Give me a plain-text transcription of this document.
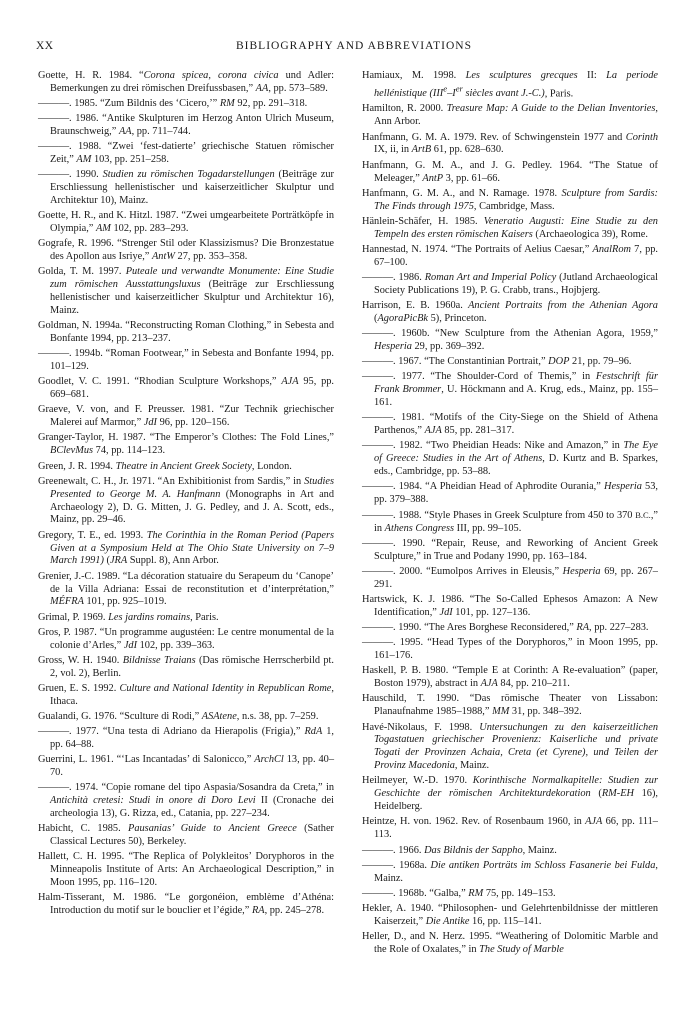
XX	BIBLIOGRAPHY AND ABBREVIATIONS

Goette, H. R. 1984. “Corona spicea, corona civica und Adler: Bemerkungen zu drei römischen Dreifussbasen,” AA, pp. 573–589.

———. 1985. “Zum Bildnis des ‘Cicero,’” RM 92, pp. 291–318.

———. 1986. “Antike Skulpturen im Herzog Anton Ulrich Museum, Braunschweig,” AA, pp. 711–744.

———. 1988. “Zwei ‘fest-datierte’ griechische Statuen römischer Zeit,” AM 103, pp. 251–258.

———. 1990. Studien zu römischen Togadarstellungen (Beiträge zur Erschliessung hellenistischer und kaiserzeitlicher Skulptur und Architektur 10), Mainz.

Goette, H. R., and K. Hitzl. 1987. “Zwei umgearbeitete Porträtköpfe in Olympia,” AM 102, pp. 283–293.

Gografe, R. 1996. “Strenger Stil oder Klassizismus? Die Bronzestatue des Apollon aus Isriye,” AntW 27, pp. 353–358.

Golda, T. M. 1997. Puteale und verwandte Monumente: Eine Studie zum römischen Ausstattungsluxus (Beiträge zur Erschliessung hellenistischer und kaiserzeitlicher Skulptur und Architektur 16), Mainz.

Goldman, N. 1994a. “Reconstructing Roman Clothing,” in Sebesta and Bonfante 1994, pp. 213–237.

———. 1994b. “Roman Footwear,” in Sebesta and Bonfante 1994, pp. 101–129.

Goodlet, V. C. 1991. “Rhodian Sculpture Workshops,” AJA 95, pp. 669–681.

Graeve, V. von, and F. Preusser. 1981. “Zur Technik griechischer Malerei auf Marmor,” JdI 96, pp. 120–156.

Granger-Taylor, H. 1987. “The Emperor’s Clothes: The Fold Lines,” BClevMus 74, pp. 114–123.

Green, J. R. 1994. Theatre in Ancient Greek Society, London.

Greenewalt, C. H., Jr. 1971. “An Exhibitionist from Sardis,” in Studies Presented to George M. A. Hanfmann (Monographs in Art and Archaeology 2), D. G. Mitten, J. G. Pedley, and J. A. Scott, eds., Mainz, pp. 29–46.

Gregory, T. E., ed. 1993. The Corinthia in the Roman Period (Papers Given at a Symposium Held at The Ohio State University on 7–9 March 1991) (JRA Suppl. 8), Ann Arbor.

Grenier, J.-C. 1989. “La décoration statuaire du Serapeum du ‘Canope’ de la Villa Adriana: Essai de reconstitution et d’interprétation,” MÉFRA 101, pp. 925–1019.

Grimal, P. 1969. Les jardins romains, Paris.

Gros, P. 1987. “Un programme augustéen: Le centre monumental de la colonie d’Arles,” JdI 102, pp. 339–363.

Gross, W. H. 1940. Bildnisse Traians (Das römische Herrscherbild pt. 2, vol. 2), Berlin.

Gruen, E. S. 1992. Culture and National Identity in Republican Rome, Ithaca.

Gualandi, G. 1976. “Sculture di Rodi,” ASAtene, n.s. 38, pp. 7–259.

———. 1977. “Una testa di Adriano da Hierapolis (Frigia),” RdA 1, pp. 64–88.

Guerrini, L. 1961. “‘Las Incantadas’ di Salonicco,” ArchCl 13, pp. 40–70.

———. 1974. “Copie romane del tipo Aspasia/Sosandra da Creta,” in Antichità cretesi: Studi in onore di Doro Levi II (Cronache dei archeologia 13), G. Rizza, ed., Catania, pp. 227–234.

Habicht, C. 1985. Pausanias’ Guide to Ancient Greece (Sather Classical Lectures 50), Berkeley.

Hallett, C. H. 1995. “The Replica of Polykleitos’ Doryphoros in the Minneapolis Institute of Arts: An Archaeological Description,” in Moon 1995, pp. 116–120.

Halm-Tisserant, M. 1986. “Le gorgonéion, emblème d’Athéna: Introduction du motif sur le bouclier et l’égide,” RA, pp. 245–278.

Hamiaux, M. 1998. Les sculptures grecques II: La periode hellénistique (IIIe–Ier siècles avant J.-C.), Paris.

Hamilton, R. 2000. Treasure Map: A Guide to the Delian Inventories, Ann Arbor.

Hanfmann, G. M. A. 1979. Rev. of Schwingenstein 1977 and Corinth IX, ii, in ArtB 61, pp. 628–630.

Hanfmann, G. M. A., and J. G. Pedley. 1964. “The Statue of Meleager,” AntP 3, pp. 61–66.

Hanfmann, G. M. A., and N. Ramage. 1978. Sculpture from Sardis: The Finds through 1975, Cambridge, Mass.

Hänlein-Schäfer, H. 1985. Veneratio Augusti: Eine Studie zu den Tempeln des ersten römischen Kaisers (Archaeologica 39), Rome.

Hannestad, N. 1974. “The Portraits of Aelius Caesar,” AnalRom 7, pp. 67–100.

———. 1986. Roman Art and Imperial Policy (Jutland Archaeological Society Publications 19), P. G. Crabb, trans., Hojbjerg.

Harrison, E. B. 1960a. Ancient Portraits from the Athenian Agora (AgoraPicBk 5), Princeton.

———. 1960b. “New Sculpture from the Athenian Agora, 1959,” Hesperia 29, pp. 369–392.

———. 1967. “The Constantinian Portrait,” DOP 21, pp. 79–96.

———. 1977. “The Shoulder-Cord of Themis,” in Festschrift für Frank Brommer, U. Höckmann and A. Krug, eds., Mainz, pp. 155–161.

———. 1981. “Motifs of the City-Siege on the Shield of Athena Parthenos,” AJA 85, pp. 281–317.

———. 1982. “Two Pheidian Heads: Nike and Amazon,” in The Eye of Greece: Studies in the Art of Athens, D. Kurtz and B. Sparkes, eds., Cambridge, pp. 53–88.

———. 1984. “A Pheidian Head of Aphrodite Ourania,” Hesperia 53, pp. 379–388.

———. 1988. “Style Phases in Greek Sculpture from 450 to 370 B.C.,” in Athens Congress III, pp. 99–105.

———. 1990. “Repair, Reuse, and Reworking of Ancient Greek Sculpture,” in True and Podany 1990, pp. 163–184.

———. 2000. “Eumolpos Arrives in Eleusis,” Hesperia 69, pp. 267–291.

Hartswick, K. J. 1986. “The So-Called Ephesos Amazon: A New Identification,” JdI 101, pp. 127–136.

———. 1990. “The Ares Borghese Reconsidered,” RA, pp. 227–283.

———. 1995. “Head Types of the Doryphoros,” in Moon 1995, pp. 161–176.

Haskell, P. B. 1980. “Temple E at Corinth: A Re-evaluation” (paper, Boston 1979), abstract in AJA 84, pp. 210–211.

Hauschild, T. 1990. “Das römische Theater von Lissabon: Planaufnahme 1985–1988,” MM 31, pp. 348–392.

Havé-Nikolaus, F. 1998. Untersuchungen zu den kaiserzeitlichen Togastatuen griechischer Provenienz: Kaiserliche und private Togati der Provinzen Achaia, Creta (et Cyrene), und Teilen der Provinz Macedonia, Mainz.

Heilmeyer, W.-D. 1970. Korinthische Normalkapitelle: Studien zur Geschichte der römischen Architekturdekoration (RM-EH 16), Heidelberg.

Heintze, H. von. 1962. Rev. of Rosenbaum 1960, in AJA 66, pp. 111–113.

———. 1966. Das Bildnis der Sappho, Mainz.

———. 1968a. Die antiken Porträts im Schloss Fasanerie bei Fulda, Mainz.

———. 1968b. “Galba,” RM 75, pp. 149–153.

Hekler, A. 1940. “Philosophen- und Gelehrtenbildnisse der mittleren Kaiserzeit,” Die Antike 16, pp. 115–141.

Heller, D., and N. Herz. 1995. “Weathering of Dolomitic Marble and the Role of Oxalates,” in The Study of Marble
